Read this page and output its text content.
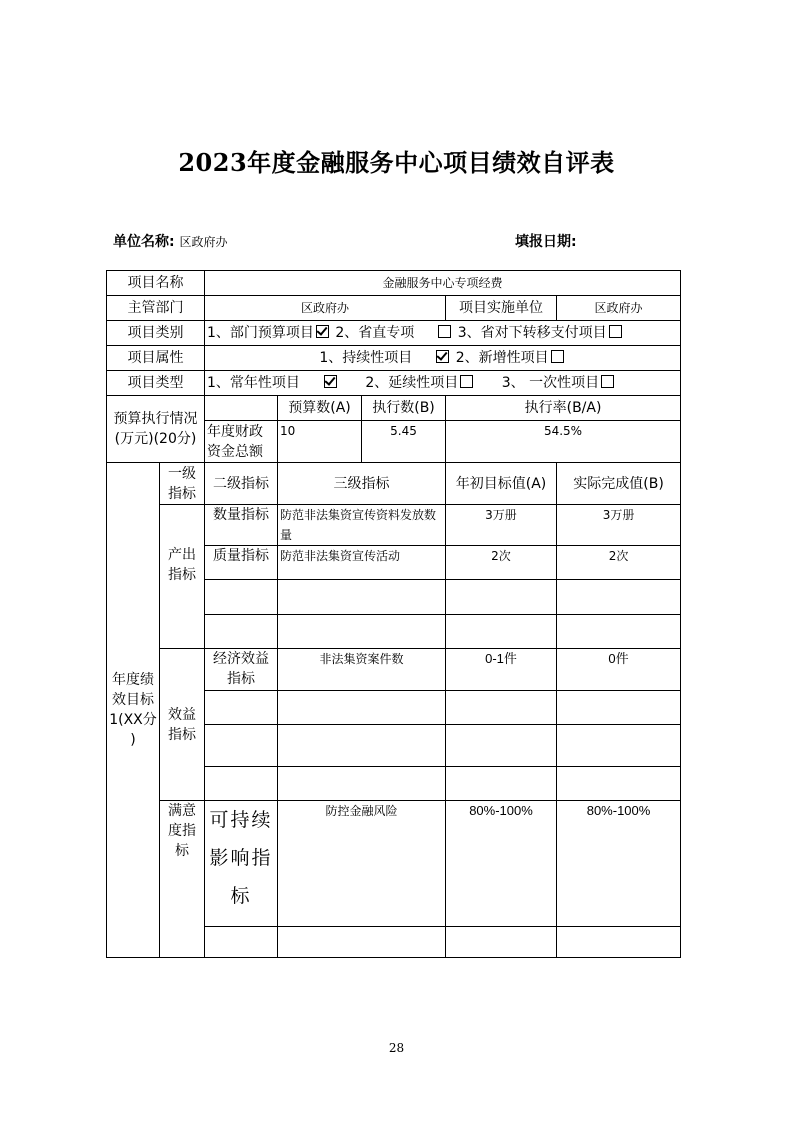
2023年度金融服务中心项目绩效自评表
单位名称: 区政府办	填报日期:
项目名称		金融服务中心专项经费				
主管部门		区政府办			项目实施单位	区政府办
项目类别		1、部门预算项目 2、省直专项 3、省对下转移支付项目				
项目属性		1、持续性项目 2、新增性项目				
项目类型		1、常年性项目 2、延续性项目 3、 一次性项目				
预算执行情况(万元)(20分)			预算数(A)	执行数(B)	执行率(B/A)	
		年度财政资金总额	10	5.45	54.5%	
年度绩效目标1(XX分 )	一级指标	二级指标	三级指标		年初目标值(A)	实际完成值(B)
	产出指标	数量指标	防范非法集资宣传资料发放数量		3万册	3万册
		质量指标	防范非法集资宣传活动		2次	2次

	效益指标	经济效益指标	非法集资案件数		0-1件	0件

	满意度指标	可持续影响指标	防控金融风险		80%-100%	80%-100%

28
